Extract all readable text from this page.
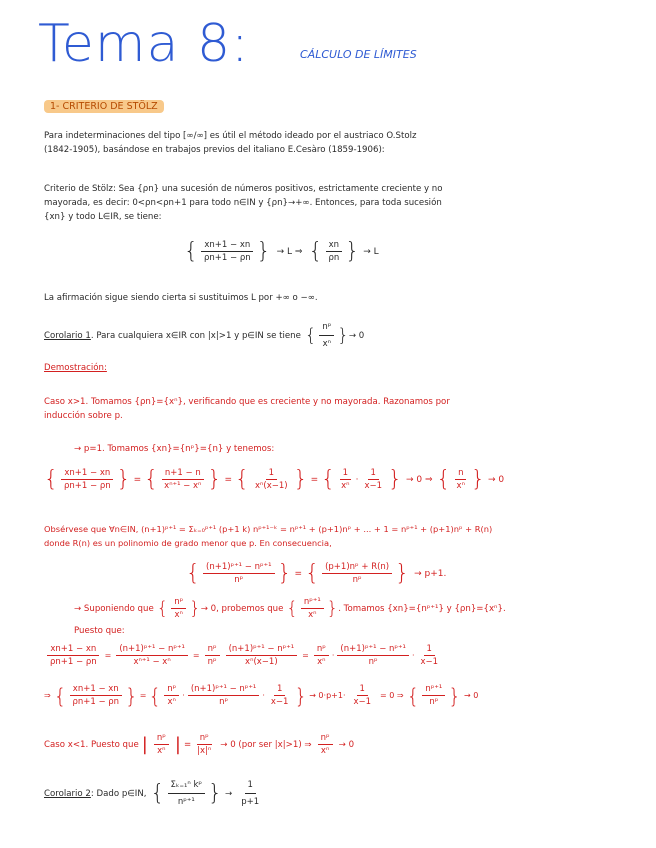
Tema 8:	CÁLCULO DE LÍMITES
1- CRITERIO DE STÖLZ
Para indeterminaciones del tipo [∞/∞] es útil el método ideado por el austriaco O.Stolz
(1842-1905), basándose en trabajos previos del italiano E.Cesàro (1859-1906):
Criterio de Stölz: Sea {ρn} una sucesión de números positivos, estrictamente creciente y no
mayorada, es decir: 0<ρn<ρn+1 para todo n∈IN y {ρn}→+∞. Entonces, para toda sucesión
{xn} y todo L∈IR, se tiene:
{ $\frac{xn+1 - xn}{\rho n+1 - \rho n}$ } → L ⇒ { $\frac{xn}{\rho n}$ } → L
La afirmación sigue siendo cierta si sustituimos L por +∞ o −∞.
Corolario 1 . Para cualquiera x∈IR con |x|>1 y p∈IN se tiene { $\frac{\text{nᵖ}}{\text{xⁿ}}$ } → 0
Demostración:
Caso x>1. Tomamos {ρn}={xⁿ}, verificando que es creciente y no mayorada. Razonamos por
inducción sobre p.
→ p=1. Tomamos {xn}={nᵖ}={n} y tenemos:
{ $\frac{xn+1 - xn}{\rho n+1 - \rho n}$ } = { $\frac{n+1 - n}{\text{xⁿ⁺¹ − xⁿ}}$ } = { $\frac{1}{\text{xⁿ(x−1)}}$ } = { $\frac{1}{\text{xⁿ}} \cdot \frac{1}{x-1}$ } → 0 ⇒ { $\frac{n}{\text{xⁿ}}$ } → 0
Obsérvese que ∀n∈IN, (n+1)ᵖ⁺¹ = Σₖ₌₀ᵖ⁺¹ (p+1 k) nᵖ⁺¹⁻ᵏ = nᵖ⁺¹ + (p+1)nᵖ + ... + 1 = nᵖ⁺¹ + (p+1)nᵖ + R(n)
donde R(n) es un polinomio de grado menor que p. En consecuencia,
{ $\frac{\text{(n+1)ᵖ⁺¹ − nᵖ⁺¹}}{\text{nᵖ}}$ } = { $\frac{\text{(p+1)nᵖ + R(n)}}{\text{nᵖ}}$ } → p+1.
→ Suponiendo que { $\frac{\text{nᵖ}}{\text{xⁿ}}$ } → 0, probemos que { $\frac{\text{nᵖ⁺¹}}{\text{xⁿ}}$ } . Tomamos {xn}={nᵖ⁺¹} y {ρn}={xⁿ}.
Puesto que:
$\frac{xn+1 - xn}{\rho n+1 - \rho n} = \frac{\text{(n+1)ᵖ⁺¹ − nᵖ⁺¹}}{\text{xⁿ⁺¹ − xⁿ}} = \frac{\text{nᵖ}}{\text{nᵖ}} \frac{\text{(n+1)ᵖ⁺¹ − nᵖ⁺¹}}{\text{xⁿ(x−1)}} = \frac{\text{nᵖ}}{\text{xⁿ}} \cdot \frac{\text{(n+1)ᵖ⁺¹ − nᵖ⁺¹}}{\text{nᵖ}} \cdot \frac{1}{x-1}$
⇒ { $\frac{xn+1 - xn}{\rho n+1 - \rho n}$ } = { $\frac{\text{nᵖ}}{\text{xⁿ}} \cdot \frac{\text{(n+1)ᵖ⁺¹ − nᵖ⁺¹}}{\text{nᵖ}} \cdot \frac{1}{x-1}$ } → $0\cdot p+1\cdot \frac{1}{x-1} = 0$ ⇒ { $\frac{\text{nᵖ⁺¹}}{\text{nᵖ}}$ } → 0
Caso x<1. Puesto que | $\frac{\text{nᵖ}}{\text{xⁿ}}$ | = $\frac{\text{nᵖ}}{\text{|x|ⁿ}} \to 0$ (por ser |x|>1) ⇒ $\frac{\text{nᵖ}}{\text{xⁿ}} \to 0$
Corolario 2 : Dado p∈IN, { $\frac{\text{Σₖ₌₁ⁿ kᵖ}}{\text{nᵖ⁺¹}}$ } → $\frac{1}{p+1}$
